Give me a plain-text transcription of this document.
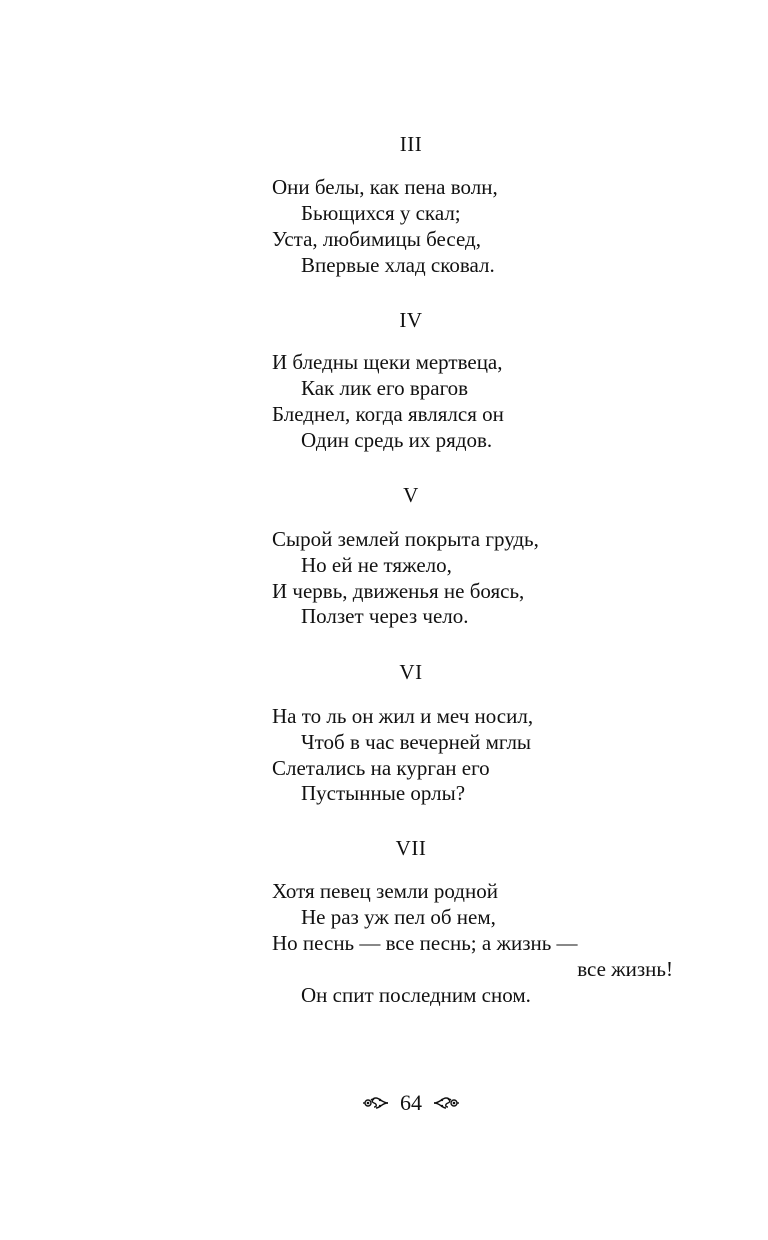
III
Они белы, как пена волн,
Бьющихся у скал;
Уста, любимицы бесед,
Впервые хлад сковал.
IV
И бледны щеки мертвеца,
Как лик его врагов
Бледнел, когда являлся он
Один средь их рядов.
V
Сырой землей покрыта грудь,
Но ей не тяжело,
И червь, движенья не боясь,
Ползет через чело.
VI
На то ль он жил и меч носил,
Чтоб в час вечерней мглы
Слетались на курган его
Пустынные орлы?
VII
Хотя певец земли родной
Не раз уж пел об нем,
Но песнь — все песнь; а жизнь —
все жизнь!
Он спит последним сном.
64
